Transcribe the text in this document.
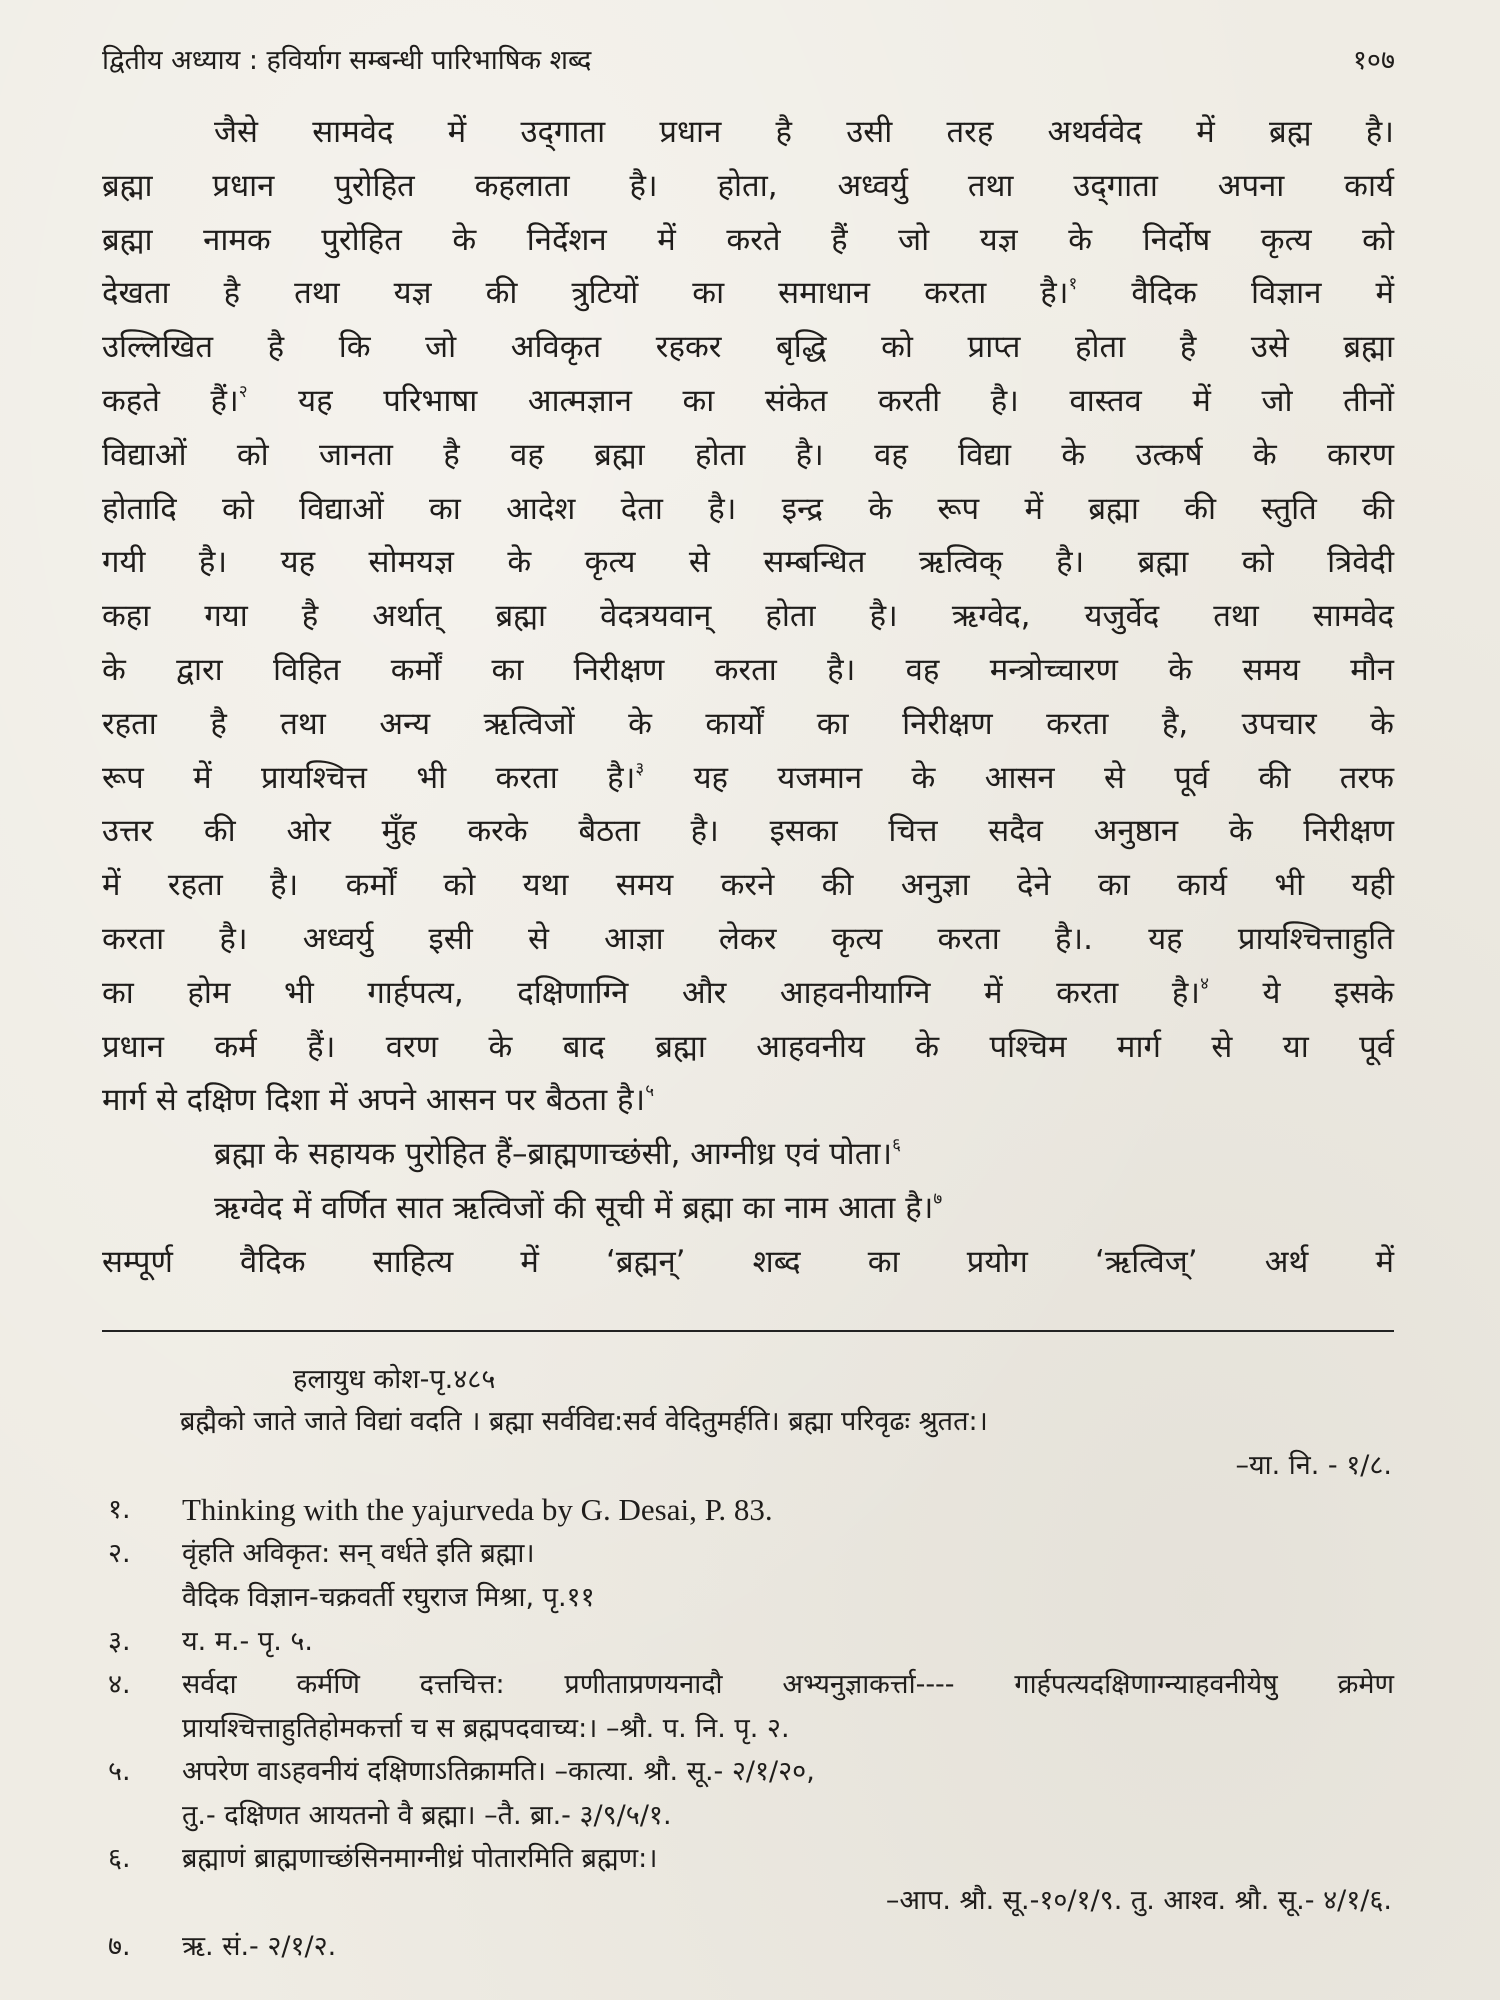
द्वितीय अध्याय : हविर्याग सम्बन्धी पारिभाषिक शब्द	१०७
जैसे सामवेद में उद्‌गाता प्रधान है उसी तरह अथर्ववेद में ब्रह्म है।
ब्रह्मा प्रधान पुरोहित कहलाता है। होता, अध्वर्यु तथा उद्‌गाता अपना कार्य
ब्रह्मा नामक पुरोहित के निर्देशन में करते हैं जो यज्ञ के निर्दोष कृत्य को
देखता है तथा यज्ञ की त्रुटियों का समाधान करता है।$^१$ वैदिक विज्ञान में
उल्लिखित है कि जो अविकृत रहकर बृद्धि को प्राप्त होता है उसे ब्रह्मा
कहते हैं।$^२$ यह परिभाषा आत्मज्ञान का संकेत करती है। वास्तव में जो तीनों
विद्याओं को जानता है वह ब्रह्मा होता है। वह विद्या के उत्कर्ष के कारण
होतादि को विद्याओं का आदेश देता है। इन्द्र के रूप में ब्रह्मा की स्तुति की
गयी है। यह सोमयज्ञ के कृत्य से सम्बन्धित ऋत्विक् है। ब्रह्मा को त्रिवेदी
कहा गया है अर्थात् ब्रह्मा वेदत्रयवान् होता है। ऋग्वेद, यजुर्वेद तथा सामवेद
के द्वारा विहित कर्मों का निरीक्षण करता है। वह मन्त्रोच्चारण के समय मौन
रहता है तथा अन्य ऋत्विजों के कार्यों का निरीक्षण करता है, उपचार के
रूप में प्रायश्चित्त भी करता है।$^३$ यह यजमान के आसन से पूर्व की तरफ
उत्तर की ओर मुँह करके बैठता है। इसका चित्त सदैव अनुष्ठान के निरीक्षण
में रहता है। कर्मों को यथा समय करने की अनुज्ञा देने का कार्य भी यही
करता है। अध्वर्यु इसी से आज्ञा लेकर कृत्य करता है।. यह प्रायश्चित्ताहुति
का होम भी गार्हपत्य, दक्षिणाग्नि और आहवनीयाग्नि में करता है।$^४$ ये इसके
प्रधान कर्म हैं। वरण के बाद ब्रह्मा आहवनीय के पश्चिम मार्ग से या पूर्व
मार्ग से दक्षिण दिशा में अपने आसन पर बैठता है।$^५$
ब्रह्मा के सहायक पुरोहित हैं–ब्राह्मणाच्छंसी, आग्नीध्र एवं पोता।$^६$
ऋग्वेद में वर्णित सात ऋत्विजों की सूची में ब्रह्मा का नाम आता है।$^७$
सम्पूर्ण वैदिक साहित्य में ‘ब्रह्मन्’ शब्द का प्रयोग ‘ऋत्विज्’ अर्थ में
हलायुध कोश-पृ.४८५
ब्रह्मैको जाते जाते विद्यां वदति । ब्रह्मा सर्वविद्य:सर्व वेदितुमर्हति। ब्रह्मा परिवृढः श्रुतत:।
–या. नि. - १/८.
१. Thinking with the yajurveda by G. Desai, P. 83.
२. वृंहति अविकृत: सन् वर्धते इति ब्रह्मा।
वैदिक विज्ञान-चक्रवर्ती रघुराज मिश्रा, पृ.११
३. य. म.- पृ. ५.
४. सर्वदा कर्मणि दत्तचित्त: प्रणीताप्रणयनादौ अभ्यनुज्ञाकर्त्ता---- गार्हपत्यदक्षिणाग्न्याहवनीयेषु क्रमेण
प्रायश्चित्ताहुतिहोमकर्त्ता च स ब्रह्मपदवाच्य:। –श्रौ. प. नि. पृ. २.
५. अपरेण वाऽहवनीयं दक्षिणाऽतिक्रामति। –कात्या. श्रौ. सू.- २/१/२०,
तु.- दक्षिणत आयतनो वै ब्रह्मा। –तै. ब्रा.- ३/९/५/१.
६. ब्रह्माणं ब्राह्मणाच्छंसिनमाग्नीध्रं पोतारमिति ब्रह्मण:।
–आप. श्रौ. सू.-१०/१/९. तु. आश्व. श्रौ. सू.- ४/१/६.
७. ऋ. सं.- २/१/२.
